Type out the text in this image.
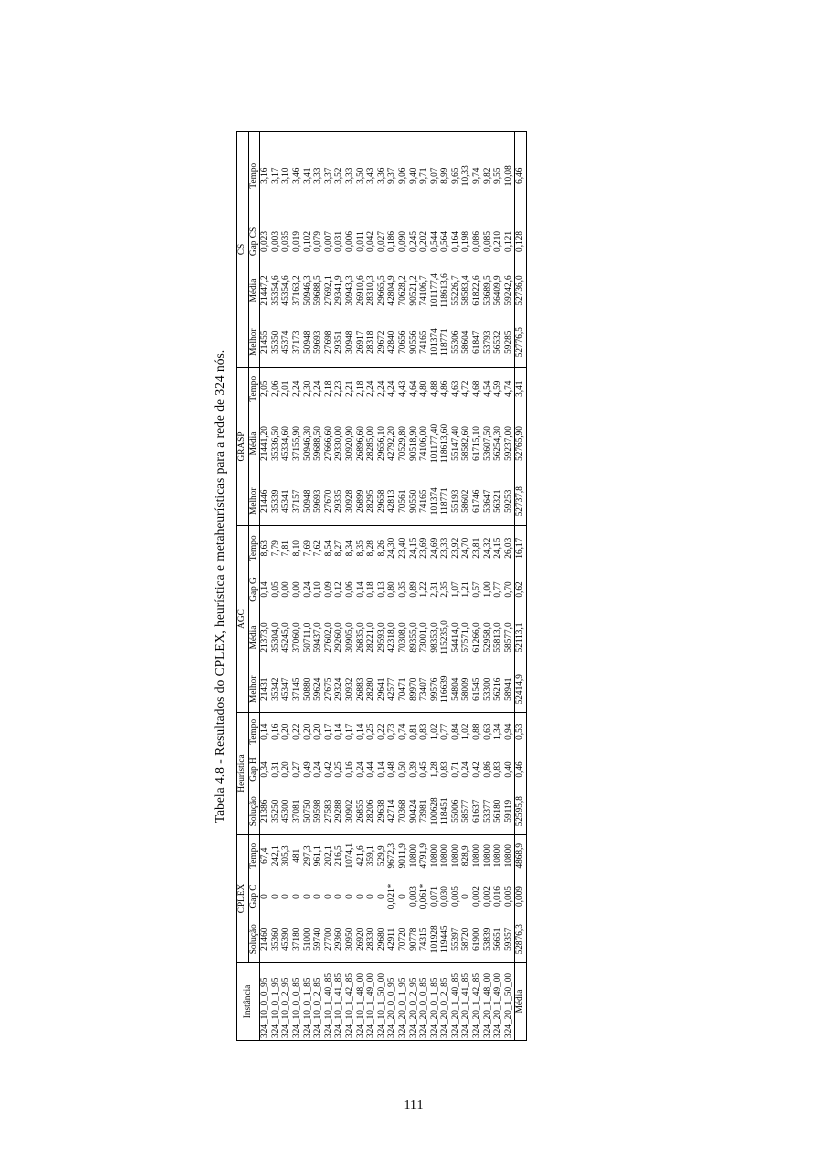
Tabela 4.8 - Resultados do CPLEX, heurística e metaheurísticas para a rede de 324 nós.
Instância	CPLEX			Heurística			AGC				GRASP			CS			
	Solução	Gap C	Tempo	Solução	Gap H	Tempo	Melhor	Média	Gap G	Tempo	Melhor	Média	Tempo	Melhor	Média	Gap CS	Tempo
324_10_0_0_95	21460	0	67,4	21386	0,34	0,14	21431	21373,0	0,14	8,63	21446	21441,20	2,05	21455	21447,2	0,023	3,16
324_10_0_1_95	35360	0	242,1	35250	0,31	0,16	35342	35304,0	0,05	7,79	35339	35336,50	2,06	35350	35354,6	0,003	3,17
324_10_0_2_95	45390	0	305,3	45300	0,20	0,20	45347	45245,0	0,00	7,81	45341	45334,60	2,01	45374	45354,6	0,035	3,10
324_10_0_0_85	37180	0	481	37081	0,27	0,22	37145	37060,0	0,00	8,10	37157	37155,90	2,24	37173	37163,2	0,019	3,46
324_10_0_1_85	51000	0	297,3	50750	0,49	0,20	50880	50711,0	0,24	7,69	50948	50946,30	2,30	50948	50946,3	0,102	3,41
324_10_0_2_85	59740	0	961,1	59598	0,24	0,20	59624	59437,0	0,10	7,62	59693	59688,50	2,24	59693	59688,5	0,079	3,33
324_10_1_40_85	27700	0	202,1	27583	0,42	0,17	27675	27602,0	0,09	8,54	27670	27666,60	2,18	27698	27692,1	0,007	3,37
324_10_1_41_85	29360	0	216,5	29288	0,25	0,14	29324	29260,0	0,12	8,27	29335	29330,00	2,23	29351	29341,9	0,031	3,52
324_10_1_42_85	30950	0	1074,1	30902	0,16	0,17	30932	30905,0	0,06	8,34	30928	30920,90	2,21	30948	30943,3	0,006	3,33
324_10_1_48_00	26920	0	421,6	26855	0,24	0,14	26883	26835,0	0,14	8,35	26899	26896,60	2,18	26917	26910,6	0,011	3,50
324_10_1_49_00	28330	0	359,1	28206	0,44	0,25	28280	28221,0	0,18	8,28	28295	28285,00	2,24	28318	28310,3	0,042	3,43
324_10_1_50_00	29680	0	529,9	29638	0,14	0,22	29641	29593,0	0,13	8,26	29658	29656,10	2,24	29672	29665,5	0,027	3,36
324_20_0_0_95	42911	0,021*	9672,3	42714	0,48	0,73	42577	42318,0	0,80	24,30	42813	42792,20	4,24	42840	42804,9	0,186	9,37
324_20_0_1_95	70720	0	9011,9	70368	0,50	0,74	70471	70308,0	0,35	23,40	70561	70529,80	4,43	70656	70628,2	0,090	9,06
324_20_0_2_95	90778	0,003	10800	90424	0,39	0,81	89970	89355,0	0,89	24,15	90550	90518,90	4,64	90556	90521,2	0,245	9,40
324_20_0_0_85	74315	0,061*	4791,9	73981	0,45	0,83	73407	73001,0	1,22	23,69	74165	74106,00	4,80	74165	74106,7	0,202	9,71
324_20_0_1_85	101928	0,071	10800	100628	1,28	1,02	99576	98353,0	2,31	24,69	101374	101177,40	4,88	101374	101177,4	0,544	9,07
324_20_0_2_85	119445	0,030	10800	118451	0,83	0,77	116639	115235,0	2,35	23,33	118771	118613,60	4,86	118771	118613,6	0,564	8,99
324_20_1_40_85	55397	0,005	10800	55006	0,71	0,84	54804	54414,0	1,07	23,92	55193	55147,40	4,63	55306	55226,7	0,164	9,65
324_20_1_41_85	58720	0	828,9	58577	0,24	1,02	58009	57571,0	1,21	24,70	58602	58582,60	4,72	58604	58583,4	0,198	10,33
324_20_1_42_85	61900	0,002	10800	61637	0,42	0,88	61545	61266,0	0,57	23,81	61746	61715,10	4,68	61847	61822,6	0,086	9,74
324_20_1_48_00	53839	0,002	10800	53377	0,86	0,63	53300	52958,0	1,00	24,32	53647	53607,50	4,54	53793	53689,5	0,085	9,82
324_20_1_49_00	56651	0,016	10800	56180	0,83	1,34	56216	55813,0	0,77	24,15	56321	56254,30	4,59	56532	56409,9	0,210	9,55
324_20_1_50_00	59357	0,005	10800	59119	0,40	0,94	58941	58577,0	0,70	26,03	59253	59237,00	4,74	59285	59242,6	0,121	10,08
Média	52876,3	0,009	4868,9	52595,8	0,46	0,53	52414,9	52113,1	0,62	16,17	52737,8	52765,90	3,41	52776,5	52736,0	0,128	6,46
111
